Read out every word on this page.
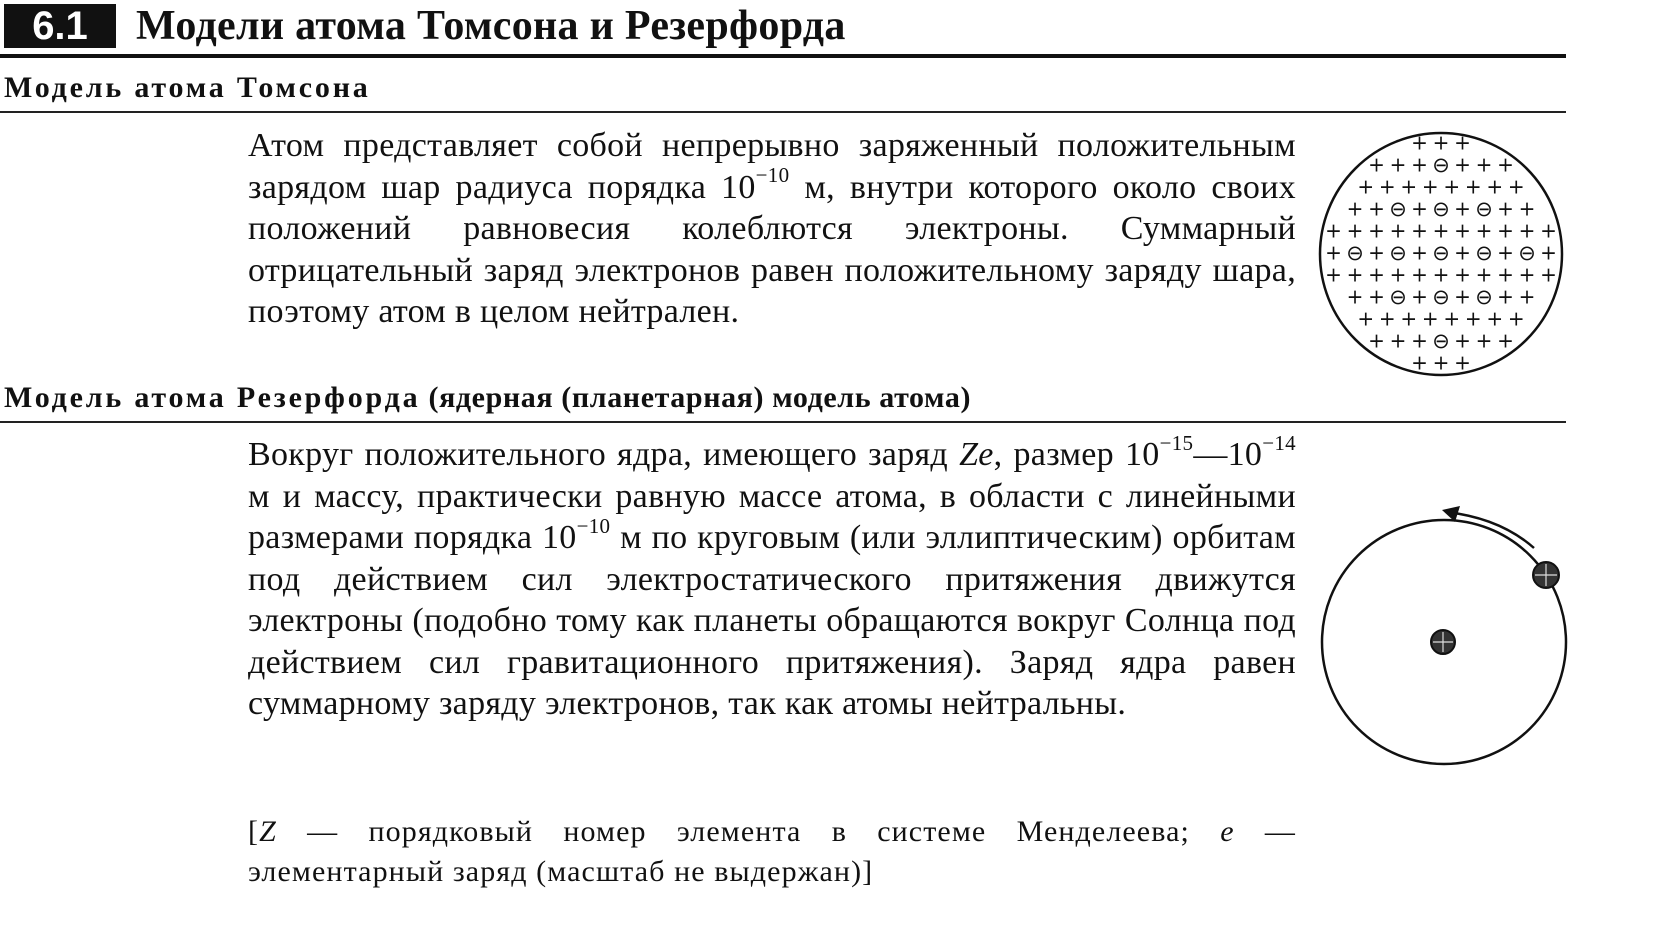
6.1	Модели атома Томсона и Резерфорда
Модель атома Томсона
Атом представляет собой непрерывно заряженный положительным зарядом шар радиуса порядка $10^{-10}$ м, внутри которого около своих положений равновесия колеблются электроны. Суммарный отрицательный заряд электронов равен положительному заряду шара, поэтому атом в целом нейтрален.
+ + +
+ + + ⊖ + + +
+ + + + + + + +
+ + ⊖ + ⊖ + ⊖ + +
+ + + + + + + + + + +
+ ⊖ + ⊖ + ⊖ + ⊖ + ⊖ +
+ + + + + + + + + + +
+ + ⊖ + ⊖ + ⊖ + +
+ + + + + + + +
+ + + ⊖ + + +
+ + +
Модель атома Резерфорда (ядерная (планетарная) модель атома)
Вокруг положительного ядра, имеющего заряд Ze, размер $10^{-15}—10^{-14}$ м и массу, практически равную массе атома, в области с линейными размерами порядка $10^{-10}$ м по круговым (или эллиптическим) орбитам под действием сил электростатического притяжения движутся электроны (подобно тому как планеты обращаются вокруг Солнца под действием сил гравитационного притяжения). Заряд ядра равен суммарному заряду электронов, так как атомы нейтральны.
[Z — порядковый номер элемента в системе Менделеева; e — элементарный заряд (масштаб не выдержан)]
